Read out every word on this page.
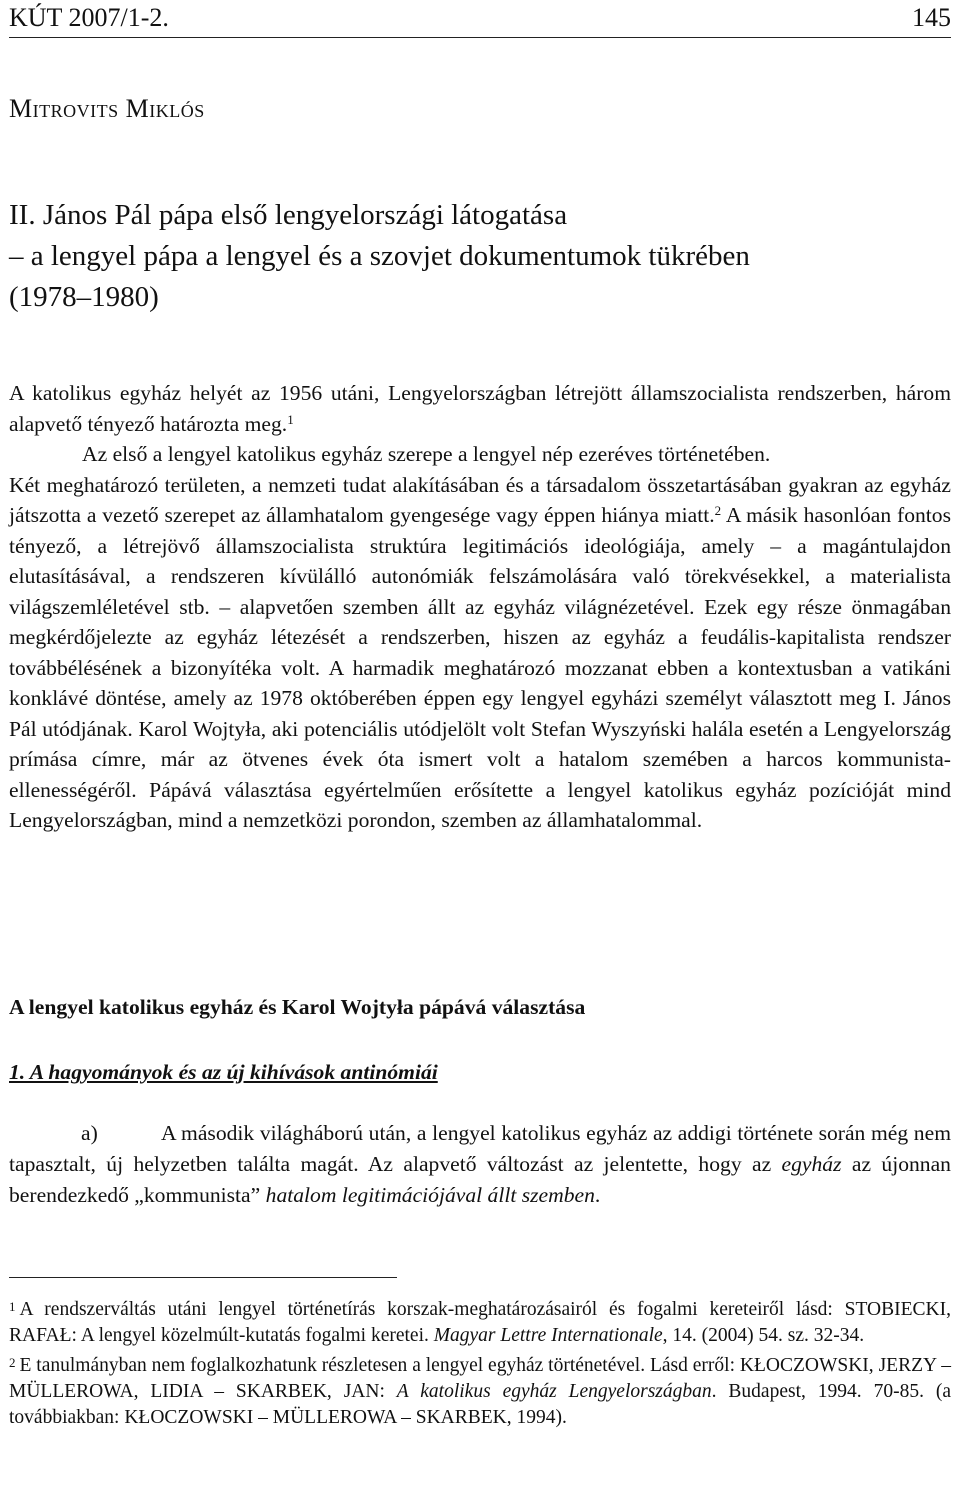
KÚT 2007/1-2.	145
Mitrovits Miklós
II. János Pál pápa első lengyelországi látogatása
– a lengyel pápa a lengyel és a szovjet dokumentumok tükrében
(1978–1980)

A katolikus egyház helyét az 1956 utáni, Lengyelországban létrejött államszocialista rendszerben, három alapvető tényező határozta meg.$^1$

Az első a lengyel katolikus egyház szerepe a lengyel nép ezeréves történetében.

Két meghatározó területen, a nemzeti tudat alakításában és a társadalom összetartásában gyakran az egyház játszotta a vezető szerepet az államhatalom gyengesége vagy éppen hiánya miatt.$^2$ A másik hasonlóan fontos tényező, a létrejövő államszocialista struktúra legitimációs ideológiája, amely – a magántulajdon elutasításával, a rendszeren kívülálló autonómiák felszámolására való törekvésekkel, a materialista világszemléletével stb. – alapvetően szemben állt az egyház világnézetével. Ezek egy része önmagában megkérdőjelezte az egyház létezését a rendszerben, hiszen az egyház a feudális-kapitalista rendszer továbbélésének a bizonyítéka volt. A harmadik meghatározó mozzanat ebben a kontextusban a vatikáni konklávé döntése, amely az 1978 októberében éppen egy lengyel egyházi személyt választott meg I. János Pál utódjának. Karol Wojtyła, aki potenciális utódjelölt volt Stefan Wyszyński halála esetén a Lengyelország prímása címre, már az ötvenes évek óta ismert volt a hatalom szemében a harcos kommunista-ellenességéről. Pápává választása egyértelműen erősítette a lengyel katolikus egyház pozícióját mind Lengyelországban, mind a nemzetközi porondon, szemben az államhatalommal.

A lengyel katolikus egyház és Karol Wojtyła pápává választása
1. A hagyományok és az új kihívások antinómiái
a)	A második világháború után, a lengyel katolikus egyház az addigi története során még nem tapasztalt, új helyzetben találta magát. Az alapvető változást az jelentette, hogy az egyház az újonnan berendezkedő „kommunista” hatalom legitimációjával állt szemben.

$^1$ A rendszerváltás utáni lengyel történetírás korszak-meghatározásairól és fogalmi kereteiről lásd: STOBIECKI, RAFAŁ: A lengyel közelmúlt-kutatás fogalmi keretei. Magyar Lettre Internationale, 14. (2004) 54. sz. 32-34.

$^2$ E tanulmányban nem foglalkozhatunk részletesen a lengyel egyház történetével. Lásd erről: KŁOCZOWSKI, JERZY – MÜLLEROWA, LIDIA – SKARBEK, JAN: A katolikus egyház Lengyelországban. Budapest, 1994. 70-85. (a továbbiakban: KŁOCZOWSKI – MÜLLEROWA – SKARBEK, 1994).
